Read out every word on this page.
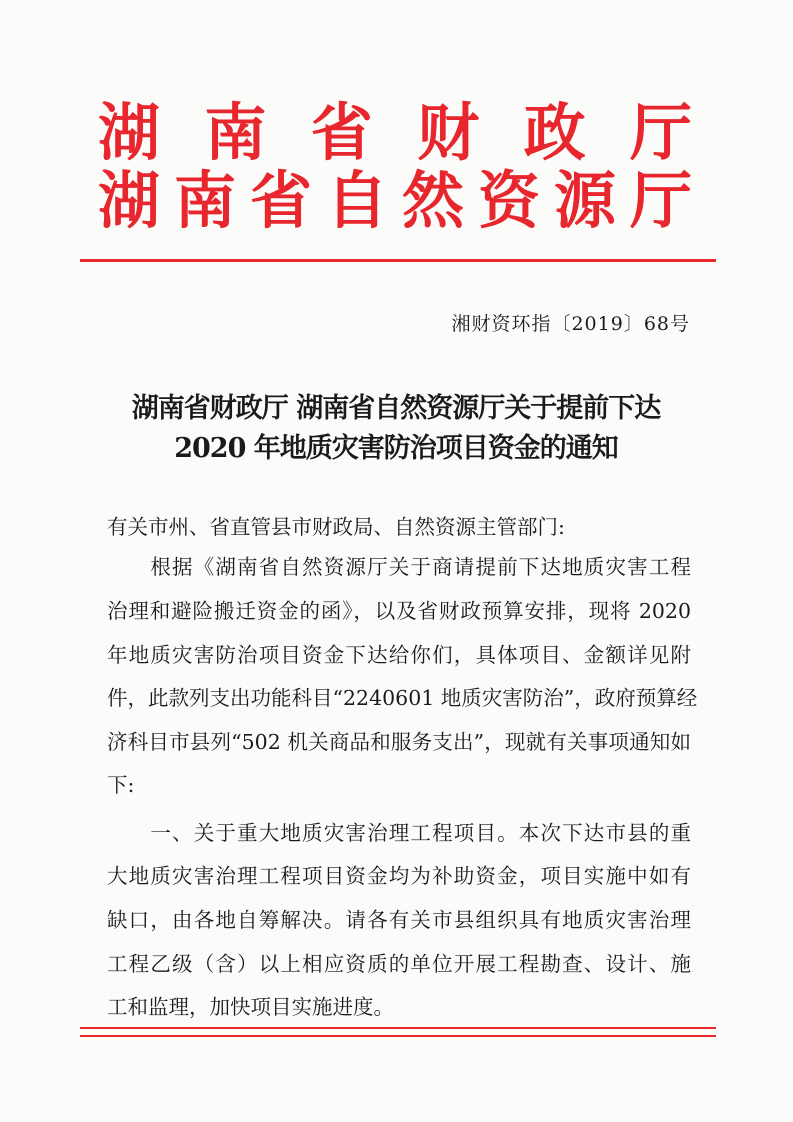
湖南省财政厅
湖南省自然资源厅
湘财资环指〔2019〕68号
湖南省财政厅 湖南省自然资源厅关于提前下达
2020 年地质灾害防治项目资金的通知
有关市州、省直管县市财政局、自然资源主管部门:
　　根据《湖南省自然资源厅关于商请提前下达地质灾害工程
治理和避险搬迁资金的函》，以及省财政预算安排，现将 2020
年地质灾害防治项目资金下达给你们，具体项目、金额详见附
件，此款列支出功能科目“2240601 地质灾害防治”，政府预算经
济科目市县列“502 机关商品和服务支出”，现就有关事项通知如
下:
　　一、关于重大地质灾害治理工程项目。本次下达市县的重
大地质灾害治理工程项目资金均为补助资金，项目实施中如有
缺口，由各地自筹解决。请各有关市县组织具有地质灾害治理
工程乙级（含）以上相应资质的单位开展工程勘查、设计、施
工和监理，加快项目实施进度。
